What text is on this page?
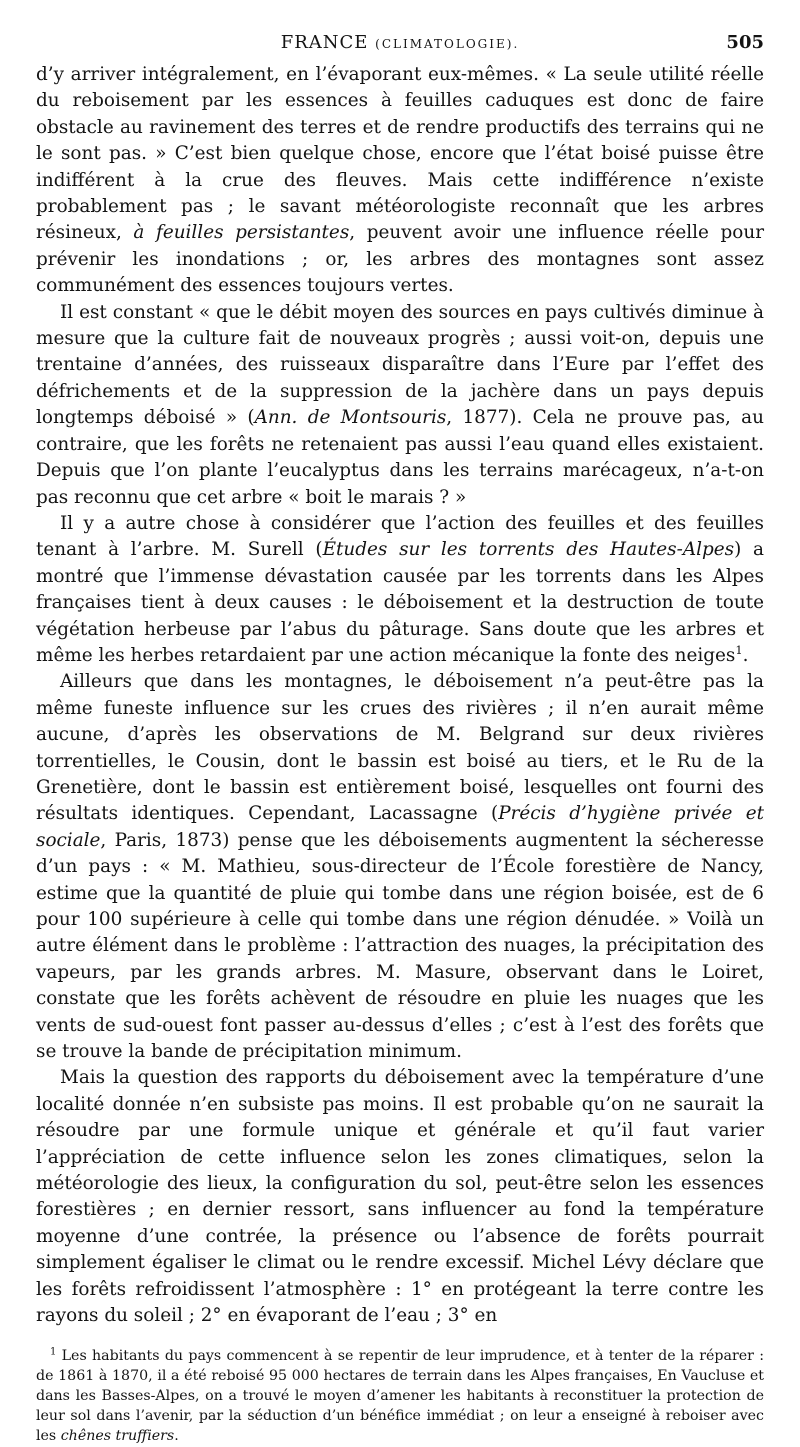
FRANCE (CLIMATOLOGIE).	505

d’y arriver intégralement, en l’évaporant eux-mêmes. « La seule utilité réelle du reboisement par les essences à feuilles caduques est donc de faire obstacle au ravinement des terres et de rendre productifs des terrains qui ne le sont pas. » C’est bien quelque chose, encore que l’état boisé puisse être indifférent à la crue des fleuves. Mais cette indifférence n’existe probablement pas ; le savant météorologiste reconnaît que les arbres résineux, à feuilles persistantes, peuvent avoir une influence réelle pour prévenir les inondations ; or, les arbres des montagnes sont assez communément des essences toujours vertes.

Il est constant « que le débit moyen des sources en pays cultivés diminue à mesure que la culture fait de nouveaux progrès ; aussi voit-on, depuis une trentaine d’années, des ruisseaux disparaître dans l’Eure par l’effet des défrichements et de la suppression de la jachère dans un pays depuis longtemps déboisé » (Ann. de Montsouris, 1877). Cela ne prouve pas, au contraire, que les forêts ne retenaient pas aussi l’eau quand elles existaient. Depuis que l’on plante l’eucalyptus dans les terrains marécageux, n’a-t-on pas reconnu que cet arbre « boit le marais ? »

Il y a autre chose à considérer que l’action des feuilles et des feuilles tenant à l’arbre. M. Surell (Études sur les torrents des Hautes-Alpes) a montré que l’immense dévastation causée par les torrents dans les Alpes françaises tient à deux causes : le déboisement et la destruction de toute végétation herbeuse par l’abus du pâturage. Sans doute que les arbres et même les herbes retardaient par une action mécanique la fonte des neiges$^1$.

Ailleurs que dans les montagnes, le déboisement n’a peut-être pas la même funeste influence sur les crues des rivières ; il n’en aurait même aucune, d’après les observations de M. Belgrand sur deux rivières torrentielles, le Cousin, dont le bassin est boisé au tiers, et le Ru de la Grenetière, dont le bassin est entièrement boisé, lesquelles ont fourni des résultats identiques. Cependant, Lacassagne (Précis d’hygiène privée et sociale, Paris, 1873) pense que les déboisements augmentent la sécheresse d’un pays : « M. Mathieu, sous-directeur de l’École forestière de Nancy, estime que la quantité de pluie qui tombe dans une région boisée, est de 6 pour 100 supérieure à celle qui tombe dans une région dénudée. » Voilà un autre élément dans le problème : l’attraction des nuages, la précipitation des vapeurs, par les grands arbres. M. Masure, observant dans le Loiret, constate que les forêts achèvent de résoudre en pluie les nuages que les vents de sud-ouest font passer au-dessus d’elles ; c’est à l’est des forêts que se trouve la bande de précipitation minimum.

Mais la question des rapports du déboisement avec la température d’une localité donnée n’en subsiste pas moins. Il est probable qu’on ne saurait la résoudre par une formule unique et générale et qu’il faut varier l’appréciation de cette influence selon les zones climatiques, selon la météorologie des lieux, la configuration du sol, peut-être selon les essences forestières ; en dernier ressort, sans influencer au fond la température moyenne d’une contrée, la présence ou l’absence de forêts pourrait simplement égaliser le climat ou le rendre excessif. Michel Lévy déclare que les forêts refroidissent l’atmosphère : 1° en protégeant la terre contre les rayons du soleil ; 2° en évaporant de l’eau ; 3° en

$^1$ Les habitants du pays commencent à se repentir de leur imprudence, et à tenter de la réparer : de 1861 à 1870, il a été reboisé 95 000 hectares de terrain dans les Alpes françaises, En Vaucluse et dans les Basses-Alpes, on a trouvé le moyen d’amener les habitants à reconstituer la protection de leur sol dans l’avenir, par la séduction d’un bénéfice immédiat ; on leur a enseigné à reboiser avec les chênes truffiers.
